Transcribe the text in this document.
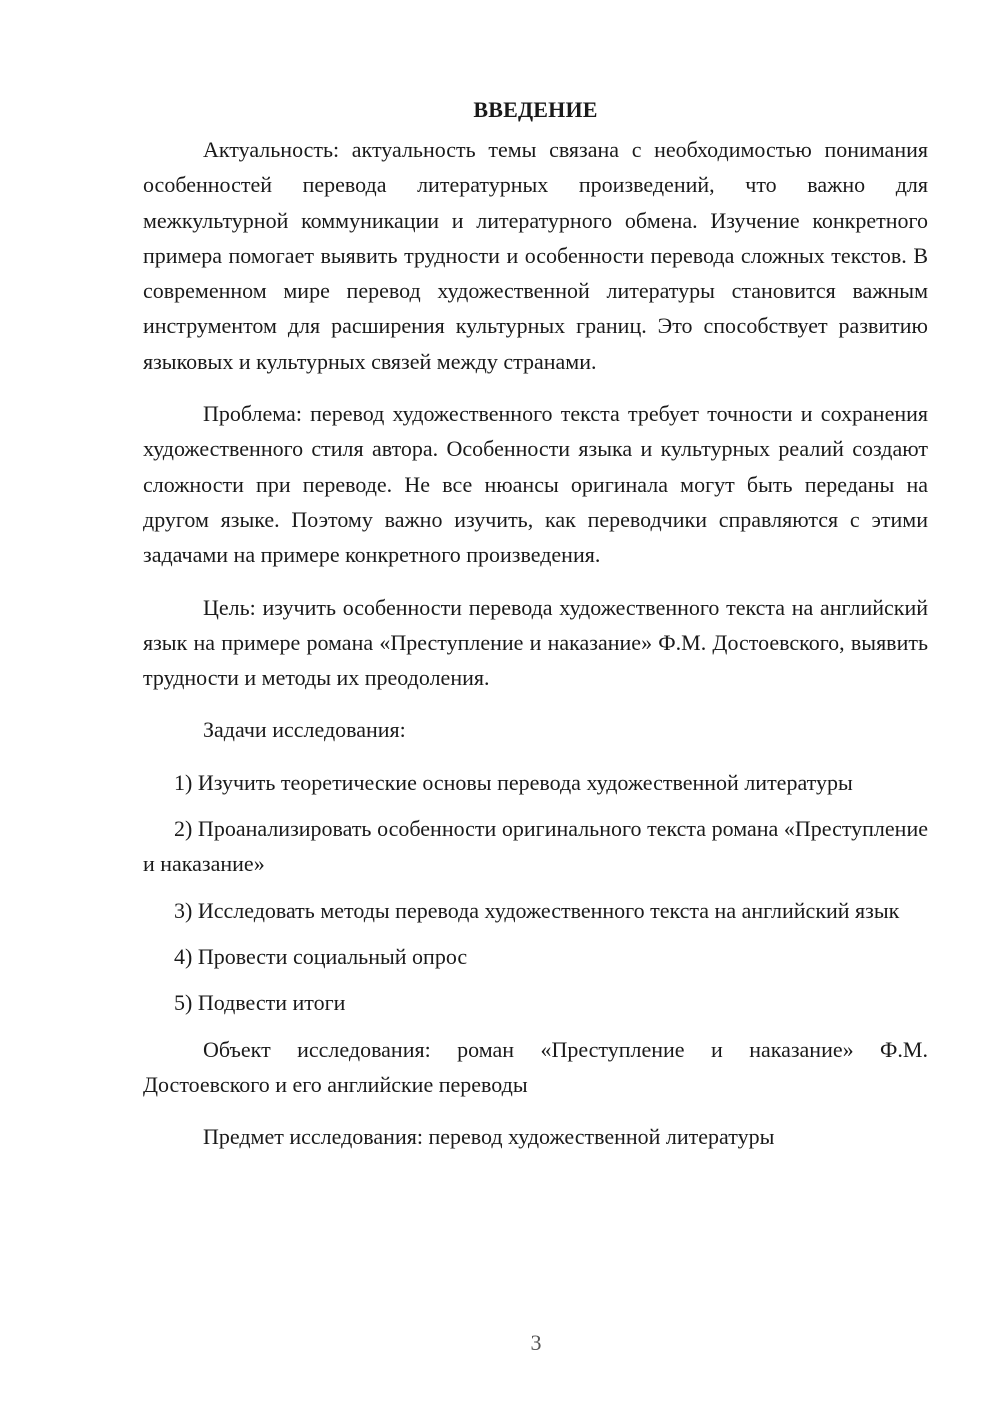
ВВЕДЕНИЕ

Актуальность: актуальность темы связана с необходимостью понимания особенностей перевода литературных произведений, что важно для межкультурной коммуникации и литературного обмена. Изучение конкретного примера помогает выявить трудности и особенности перевода сложных текстов. В современном мире перевод художественной литературы становится важным инструментом для расширения культурных границ. Это способствует развитию языковых и культурных связей между странами.

Проблема: перевод художественного текста требует точности и сохранения художественного стиля автора. Особенности языка и культурных реалий создают сложности при переводе. Не все нюансы оригинала могут быть переданы на другом языке. Поэтому важно изучить, как переводчики справляются с этими задачами на примере конкретного произведения.

Цель: изучить особенности перевода художественного текста на английский язык на примере романа «Преступление и наказание» Ф.М. Достоевского, выявить трудности и методы их преодоления.

Задачи исследования:

1) Изучить теоретические основы перевода художественной литературы

2) Проанализировать особенности оригинального текста романа «Преступление и наказание»

3) Исследовать методы перевода художественного текста на английский язык

4) Провести социальный опрос

5) Подвести итоги

Объект исследования: роман «Преступление и наказание» Ф.М. Достоевского и его английские переводы

Предмет исследования: перевод художественной литературы

3
